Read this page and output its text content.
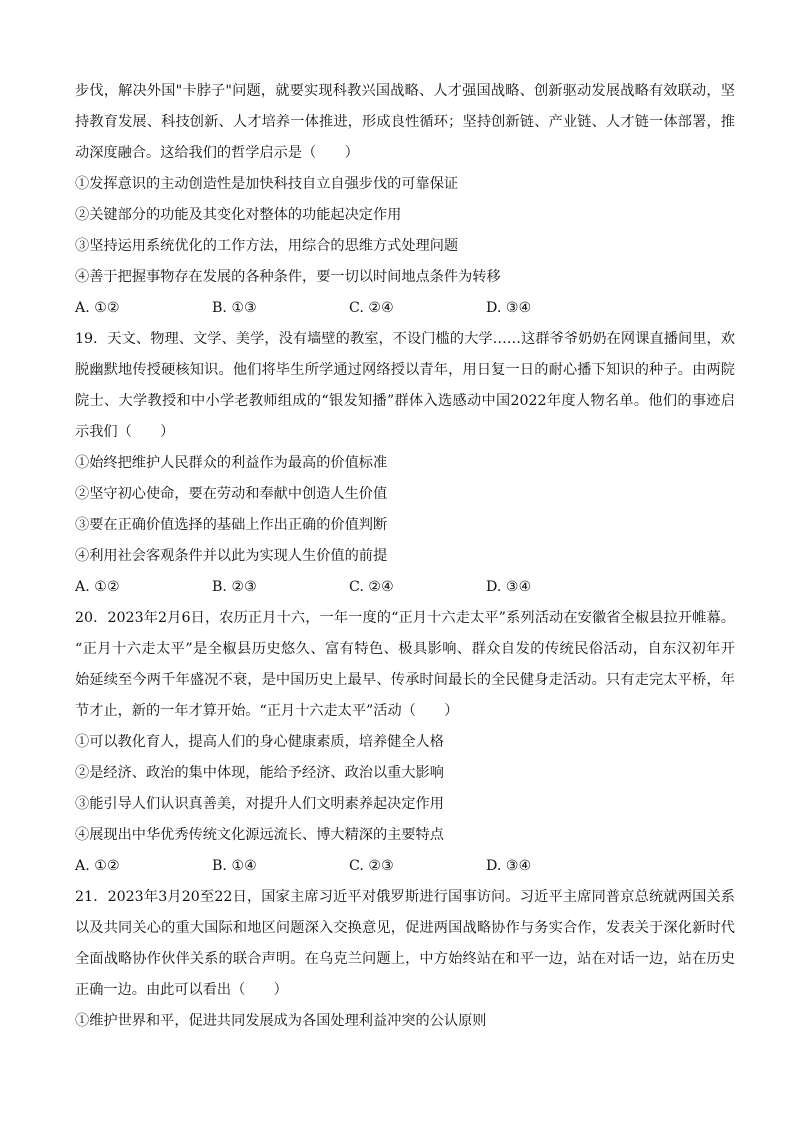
步伐，解决外国"卡脖子"问题，就要实现科教兴国战略、人才强国战略、创新驱动发展战略有效联动，坚
持教育发展、科技创新、人才培养一体推进，形成良性循环；坚持创新链、产业链、人才链一体部署，推
动深度融合。这给我们的哲学启示是（　　）
①发挥意识的主动创造性是加快科技自立自强步伐的可靠保证
②关键部分的功能及其变化对整体的功能起决定作用
③坚持运用系统优化的工作方法，用综合的思维方式处理问题
④善于把握事物存在发展的各种条件，要一切以时间地点条件为转移
A. ①②	B. ①③	C. ②④	D. ③④
19．天文、物理、文学、美学，没有墙壁的教室，不设门槛的大学……这群爷爷奶奶在网课直播间里，欢
脱幽默地传授硬核知识。他们将毕生所学通过网络授以青年，用日复一日的耐心播下知识的种子。由两院
院士、大学教授和中小学老教师组成的“银发知播”群体入选感动中国2022年度人物名单。他们的事迹启
示我们（　　）
①始终把维护人民群众的利益作为最高的价值标准
②坚守初心使命，要在劳动和奉献中创造人生价值
③要在正确价值选择的基础上作出正确的价值判断
④利用社会客观条件并以此为实现人生价值的前提
A. ①②	B. ②③	C. ②④	D. ③④
20．2023年2月6日，农历正月十六，一年一度的“正月十六走太平”系列活动在安徽省全椒县拉开帷幕。
“正月十六走太平”是全椒县历史悠久、富有特色、极具影响、群众自发的传统民俗活动，自东汉初年开
始延续至今两千年盛况不衰，是中国历史上最早、传承时间最长的全民健身走活动。只有走完太平桥，年
节才止，新的一年才算开始。“正月十六走太平”活动（　　）
①可以教化育人，提高人们的身心健康素质，培养健全人格
②是经济、政治的集中体现，能给予经济、政治以重大影响
③能引导人们认识真善美，对提升人们文明素养起决定作用
④展现出中华优秀传统文化源远流长、博大精深的主要特点
A. ①②	B. ①④	C. ②③	D. ③④
21．2023年3月20至22日，国家主席习近平对俄罗斯进行国事访问。习近平主席同普京总统就两国关系
以及共同关心的重大国际和地区问题深入交换意见，促进两国战略协作与务实合作，发表关于深化新时代
全面战略协作伙伴关系的联合声明。在乌克兰问题上，中方始终站在和平一边，站在对话一边，站在历史
正确一边。由此可以看出（　　）
①维护世界和平，促进共同发展成为各国处理利益冲突的公认原则
